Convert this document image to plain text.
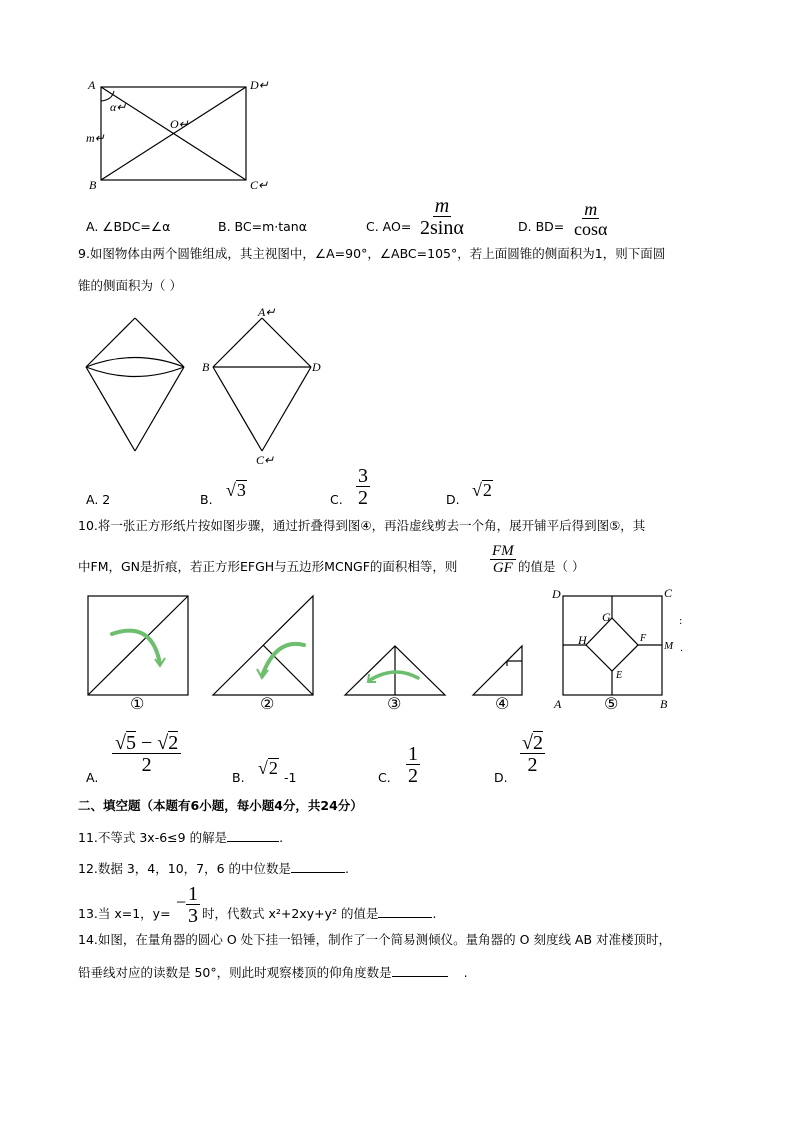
A	D↵
α↵
O↵
m↵
B	C↵
A. ∠BDC=∠α	B. BC=m·tanα	C. $AO= \frac{m}{2\sin\alpha}$	D. $BD= \frac{m}{\cos\alpha}$
9.如图物体由两个圆锥组成，其主视图中，∠A=90°，∠ABC=105°，若上面圆锥的侧面积为1，则下面圆
锥的侧面积为（ ）
A↵
B	D
C↵
A. 2	B. √3	C. $\frac{3}{2}$	D. √2
10.将一张正方形纸片按如图步骤，通过折叠得到图④，再沿虚线剪去一个角，展开铺平后得到图⑤，其
中FM，GN是折痕，若正方形EFGH与五边形MCNGF的面积相等，则 $\frac{FM}{GF}$ 的值是（ ）
①	②	③	④	⑤
D	C
G
H	F
M
E
A	B
:
.
A.
$\frac{√5 - √2}{2}$
B. √2 -1	C. $\frac{1}{2}$	D.
$\frac{√2}{2}$
二、填空题（本题有6小题，每小题4分，共24分）
11.不等式 3x-6≤9 的解是	.
12.数据 3，4，10，7，6 的中位数是	.
13.当 x=1，y=
− $\frac{1}{3}$ 时，代数式 x²+2xy+y² 的值是	.
14.如图，在量角器的圆心 O 处下挂一铅锤，制作了一个简易测倾仪。量角器的 O 刻度线 AB 对准楼顶时，
铅垂线对应的读数是 50°，则此时观察楼顶的仰角度数是	.
